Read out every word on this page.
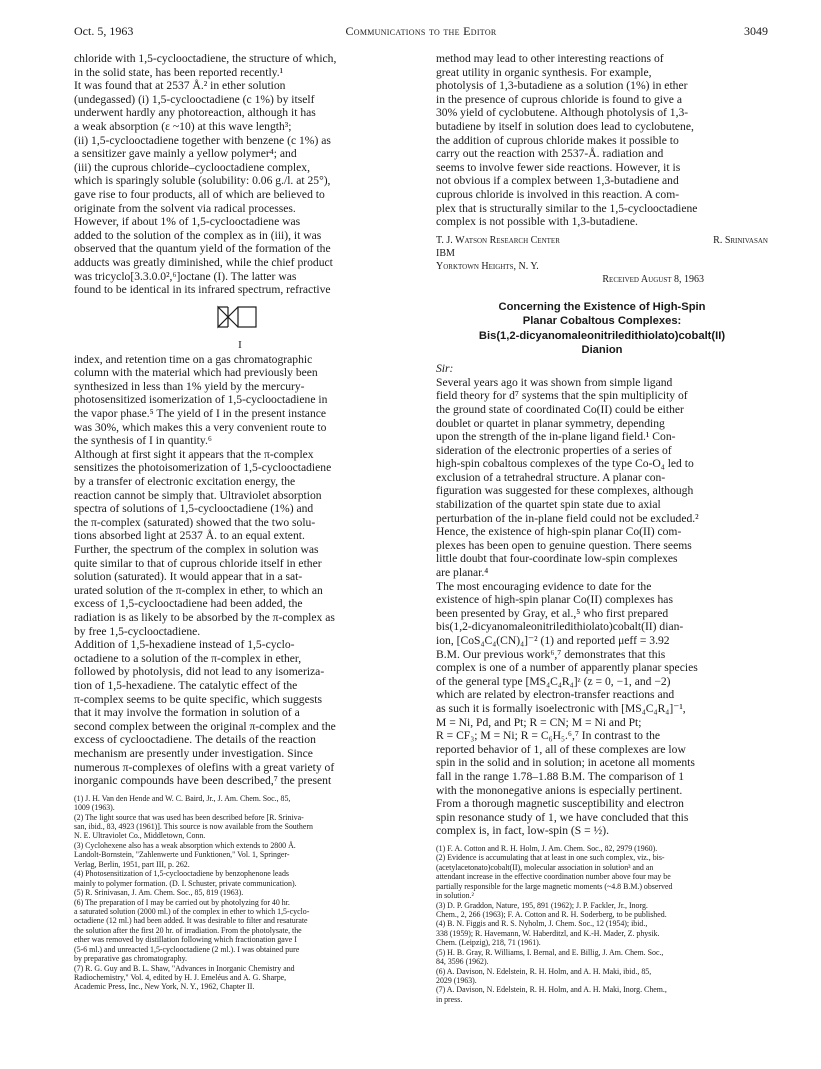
Oct. 5, 1963	Communications to the Editor	3049
chloride with 1,5-cyclooctadiene, the structure of which,
in the solid state, has been reported recently.¹
It was found that at 2537 Å.² in ether solution
(undegassed) (i) 1,5-cyclooctadiene (c 1%) by itself
underwent hardly any photoreaction, although it has
a weak absorption (ε ~10) at this wave length³;
(ii) 1,5-cyclooctadiene together with benzene (c 1%) as
a sensitizer gave mainly a yellow polymer⁴; and
(iii) the cuprous chloride–cyclooctadiene complex,
which is sparingly soluble (solubility: 0.06 g./l. at 25°),
gave rise to four products, all of which are believed to
originate from the solvent via radical processes.
However, if about 1% of 1,5-cyclooctadiene was
added to the solution of the complex as in (iii), it was
observed that the quantum yield of the formation of the
adducts was greatly diminished, while the chief product
was tricyclo[3.3.0.0²,⁶]octane (I). The latter was
found to be identical in its infrared spectrum, refractive
I
index, and retention time on a gas chromatographic
column with the material which had previously been
synthesized in less than 1% yield by the mercury-
photosensitized isomerization of 1,5-cyclooctadiene in
the vapor phase.⁵ The yield of I in the present instance
was 30%, which makes this a very convenient route to
the synthesis of I in quantity.⁶
Although at first sight it appears that the π-complex
sensitizes the photoisomerization of 1,5-cyclooctadiene
by a transfer of electronic excitation energy, the
reaction cannot be simply that. Ultraviolet absorption
spectra of solutions of 1,5-cyclooctadiene (1%) and
the π-complex (saturated) showed that the two solu-
tions absorbed light at 2537 Å. to an equal extent.
Further, the spectrum of the complex in solution was
quite similar to that of cuprous chloride itself in ether
solution (saturated). It would appear that in a sat-
urated solution of the π-complex in ether, to which an
excess of 1,5-cyclooctadiene had been added, the
radiation is as likely to be absorbed by the π-complex as
by free 1,5-cyclooctadiene.
Addition of 1,5-hexadiene instead of 1,5-cyclo-
octadiene to a solution of the π-complex in ether,
followed by photolysis, did not lead to any isomeriza-
tion of 1,5-hexadiene. The catalytic effect of the
π-complex seems to be quite specific, which suggests
that it may involve the formation in solution of a
second complex between the original π-complex and the
excess of cyclooctadiene. The details of the reaction
mechanism are presently under investigation. Since
numerous π-complexes of olefins with a great variety of
inorganic compounds have been described,⁷ the present
(1) J. H. Van den Hende and W. C. Baird, Jr., J. Am. Chem. Soc., 85,
1009 (1963).
(2) The light source that was used has been described before [R. Sriniva-
san, ibid., 83, 4923 (1961)]. This source is now available from the Southern
N. E. Ultraviolet Co., Middletown, Conn.
(3) Cyclohexene also has a weak absorption which extends to 2800 Å.
Landolt-Bornstein, "Zahlenwerte und Funktionen," Vol. 1, Springer-
Verlag, Berlin, 1951, part III, p. 262.
(4) Photosensitization of 1,5-cyclooctadiene by benzophenone leads
mainly to polymer formation. (D. I. Schuster, private communication).
(5) R. Srinivasan, J. Am. Chem. Soc., 85, 819 (1963).
(6) The preparation of I may be carried out by photolyzing for 40 hr.
a saturated solution (2000 ml.) of the complex in ether to which 1,5-cyclo-
octadiene (12 ml.) had been added. It was desirable to filter and resaturate
the solution after the first 20 hr. of irradiation. From the photolysate, the
ether was removed by distillation following which fractionation gave I
(5-6 ml.) and unreacted 1,5-cyclooctadiene (2 ml.). I was obtained pure
by preparative gas chromatography.
(7) R. G. Guy and B. L. Shaw, "Advances in Inorganic Chemistry and
Radiochemistry," Vol. 4, edited by H. J. Emeléus and A. G. Sharpe,
Academic Press, Inc., New York, N. Y., 1962, Chapter II.
method may lead to other interesting reactions of
great utility in organic synthesis. For example,
photolysis of 1,3-butadiene as a solution (1%) in ether
in the presence of cuprous chloride is found to give a
30% yield of cyclobutene. Although photolysis of 1,3-
butadiene by itself in solution does lead to cyclobutene,
the addition of cuprous chloride makes it possible to
carry out the reaction with 2537-Å. radiation and
seems to involve fewer side reactions. However, it is
not obvious if a complex between 1,3-butadiene and
cuprous chloride is involved in this reaction. A com-
plex that is structurally similar to the 1,5-cyclooctadiene
complex is not possible with 1,3-butadiene.
T. J. Watson Research Center	R. Srinivasan
IBM
Yorktown Heights, N. Y.
Received August 8, 1963
Concerning the Existence of High-Spin
Planar Cobaltous Complexes:
Bis(1,2-dicyanomaleonitriledithiolato)cobalt(II)
Dianion
Sir:
Several years ago it was shown from simple ligand
field theory for d⁷ systems that the spin multiplicity of
the ground state of coordinated Co(II) could be either
doublet or quartet in planar symmetry, depending
upon the strength of the in-plane ligand field.¹ Con-
sideration of the electronic properties of a series of
high-spin cobaltous complexes of the type Co-O₄ led to
exclusion of a tetrahedral structure. A planar con-
figuration was suggested for these complexes, although
stabilization of the quartet spin state due to axial
perturbation of the in-plane field could not be excluded.²
Hence, the existence of high-spin planar Co(II) com-
plexes has been open to genuine question. There seems
little doubt that four-coordinate low-spin complexes
are planar.⁴
The most encouraging evidence to date for the
existence of high-spin planar Co(II) complexes has
been presented by Gray, et al.,⁵ who first prepared
bis(1,2-dicyanomaleonitriledithiolato)cobalt(II) dian-
ion, [CoS₄C₄(CN)₄]⁻² (1) and reported μeff = 3.92
B.M. Our previous work⁶,⁷ demonstrates that this
complex is one of a number of apparently planar species
of the general type [MS₄C₄R₄]ᶻ (z = 0, −1, and −2)
which are related by electron-transfer reactions and
as such it is formally isoelectronic with [MS₄C₄R₄]⁻¹,
M = Ni, Pd, and Pt; R = CN; M = Ni and Pt;
R = CF₃; M = Ni; R = C₆H₅.⁶,⁷ In contrast to the
reported behavior of 1, all of these complexes are low
spin in the solid and in solution; in acetone all moments
fall in the range 1.78–1.88 B.M. The comparison of 1
with the mononegative anions is especially pertinent.
From a thorough magnetic susceptibility and electron
spin resonance study of 1, we have concluded that this
complex is, in fact, low-spin (S = ½).
(1) F. A. Cotton and R. H. Holm, J. Am. Chem. Soc., 82, 2979 (1960).
(2) Evidence is accumulating that at least in one such complex, viz., bis-
(acetylacetonato)cobalt(II), molecular association in solution³ and an
attendant increase in the effective coordination number above four may be
partially responsible for the large magnetic moments (~4.8 B.M.) observed
in solution.²
(3) D. P. Graddon, Nature, 195, 891 (1962); J. P. Fackler, Jr., Inorg.
Chem., 2, 266 (1963); F. A. Cotton and R. H. Soderberg, to be published.
(4) B. N. Figgis and R. S. Nyholm, J. Chem. Soc., 12 (1954); ibid.,
338 (1959); R. Havemann, W. Haberditzl, and K.-H. Mader, Z. physik.
Chem. (Leipzig), 218, 71 (1961).
(5) H. B. Gray, R. Williams, I. Bernal, and E. Billig, J. Am. Chem. Soc.,
84, 3596 (1962).
(6) A. Davison, N. Edelstein, R. H. Holm, and A. H. Maki, ibid., 85,
2029 (1963).
(7) A. Davison, N. Edelstein, R. H. Holm, and A. H. Maki, Inorg. Chem.,
in press.
